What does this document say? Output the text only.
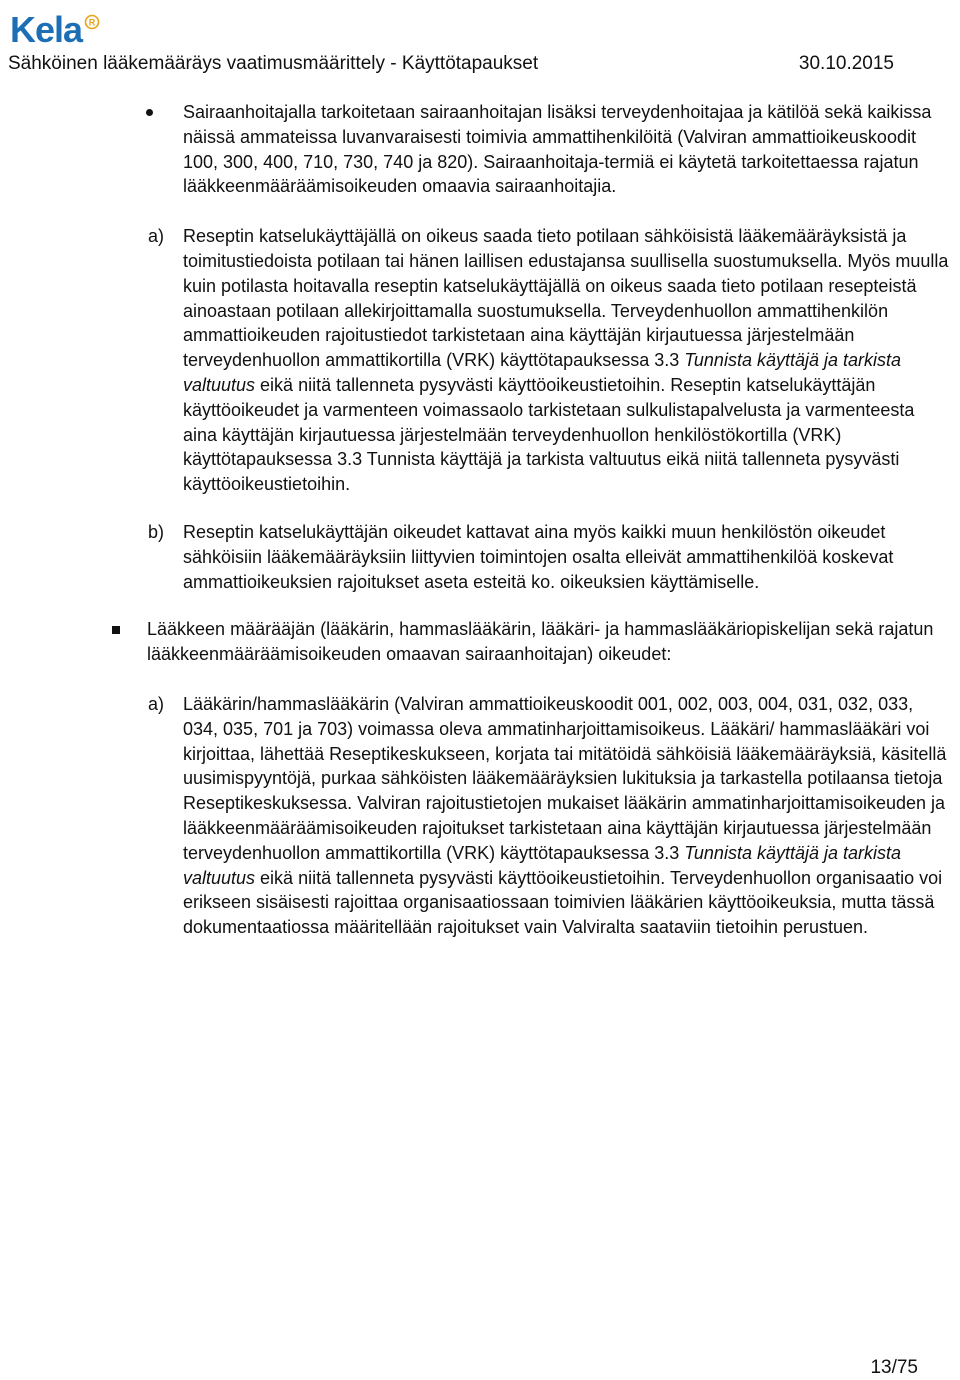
Kela R
Sähköinen lääkemääräys vaatimusmäärittely - Käyttötapaukset	30.10.2015
Sairaanhoitajalla tarkoitetaan sairaanhoitajan lisäksi terveydenhoitajaa ja kätilöä sekä kaikissa näissä ammateissa luvanvaraisesti toimivia ammattihenkilöitä (Valviran ammattioikeuskoodit 100, 300, 400, 710, 730, 740 ja 820). Sairaanhoitaja-termiä ei käytetä tarkoitettaessa rajatun lääkkeenmääräämisoikeuden omaavia sairaanhoitajia.
a) Reseptin katselukäyttäjällä on oikeus saada tieto potilaan sähköisistä lääkemääräyksistä ja toimitustiedoista potilaan tai hänen laillisen edustajansa suullisella suostumuksella. Myös muulla kuin potilasta hoitavalla reseptin katselukäyttäjällä on oikeus saada tieto potilaan resepteistä ainoastaan potilaan allekirjoittamalla suostumuksella. Terveydenhuollon ammattihenkilön ammattioikeuden rajoitustiedot tarkistetaan aina käyttäjän kirjautuessa järjestelmään terveydenhuollon ammattikortilla (VRK) käyttötapauksessa 3.3 Tunnista käyttäjä ja tarkista valtuutus eikä niitä tallenneta pysyvästi käyttöoikeustietoihin. Reseptin katselukäyttäjän käyttöoikeudet ja varmenteen voimassaolo tarkistetaan sulkulistapalvelusta ja varmenteesta aina käyttäjän kirjautuessa järjestelmään terveydenhuollon henkilöstökortilla (VRK) käyttötapauksessa 3.3 Tunnista käyttäjä ja tarkista valtuutus eikä niitä tallenneta pysyvästi käyttöoikeustietoihin.
b) Reseptin katselukäyttäjän oikeudet kattavat aina myös kaikki muun henkilöstön oikeudet sähköisiin lääkemääräyksiin liittyvien toimintojen osalta elleivät ammattihenkilöä koskevat ammattioikeuksien rajoitukset aseta esteitä ko. oikeuksien käyttämiselle.
Lääkkeen määrääjän (lääkärin, hammaslääkärin, lääkäri- ja hammaslääkäriopiskelijan sekä rajatun lääkkeenmääräämisoikeuden omaavan sairaanhoitajan) oikeudet:
a) Lääkärin/hammaslääkärin (Valviran ammattioikeuskoodit 001, 002, 003, 004, 031, 032, 033, 034, 035, 701 ja 703) voimassa oleva ammatinharjoittamisoikeus. Lääkäri/ hammaslääkäri voi kirjoittaa, lähettää Reseptikeskukseen, korjata tai mitätöidä sähköisiä lääkemääräyksiä, käsitellä uusimispyyntöjä, purkaa sähköisten lääkemääräyksien lukituksia ja tarkastella potilaansa tietoja Reseptikeskuksessa. Valviran rajoitustietojen mukaiset lääkärin ammatinharjoittamisoikeuden ja lääkkeenmääräämisoikeuden rajoitukset tarkistetaan aina käyttäjän kirjautuessa järjestelmään terveydenhuollon ammattikortilla (VRK) käyttötapauksessa 3.3 Tunnista käyttäjä ja tarkista valtuutus eikä niitä tallenneta pysyvästi käyttöoikeustietoihin. Terveydenhuollon organisaatio voi erikseen sisäisesti rajoittaa organisaatiossaan toimivien lääkärien käyttöoikeuksia, mutta tässä dokumentaatiossa määritellään rajoitukset vain Valviralta saataviin tietoihin perustuen.
13/75
